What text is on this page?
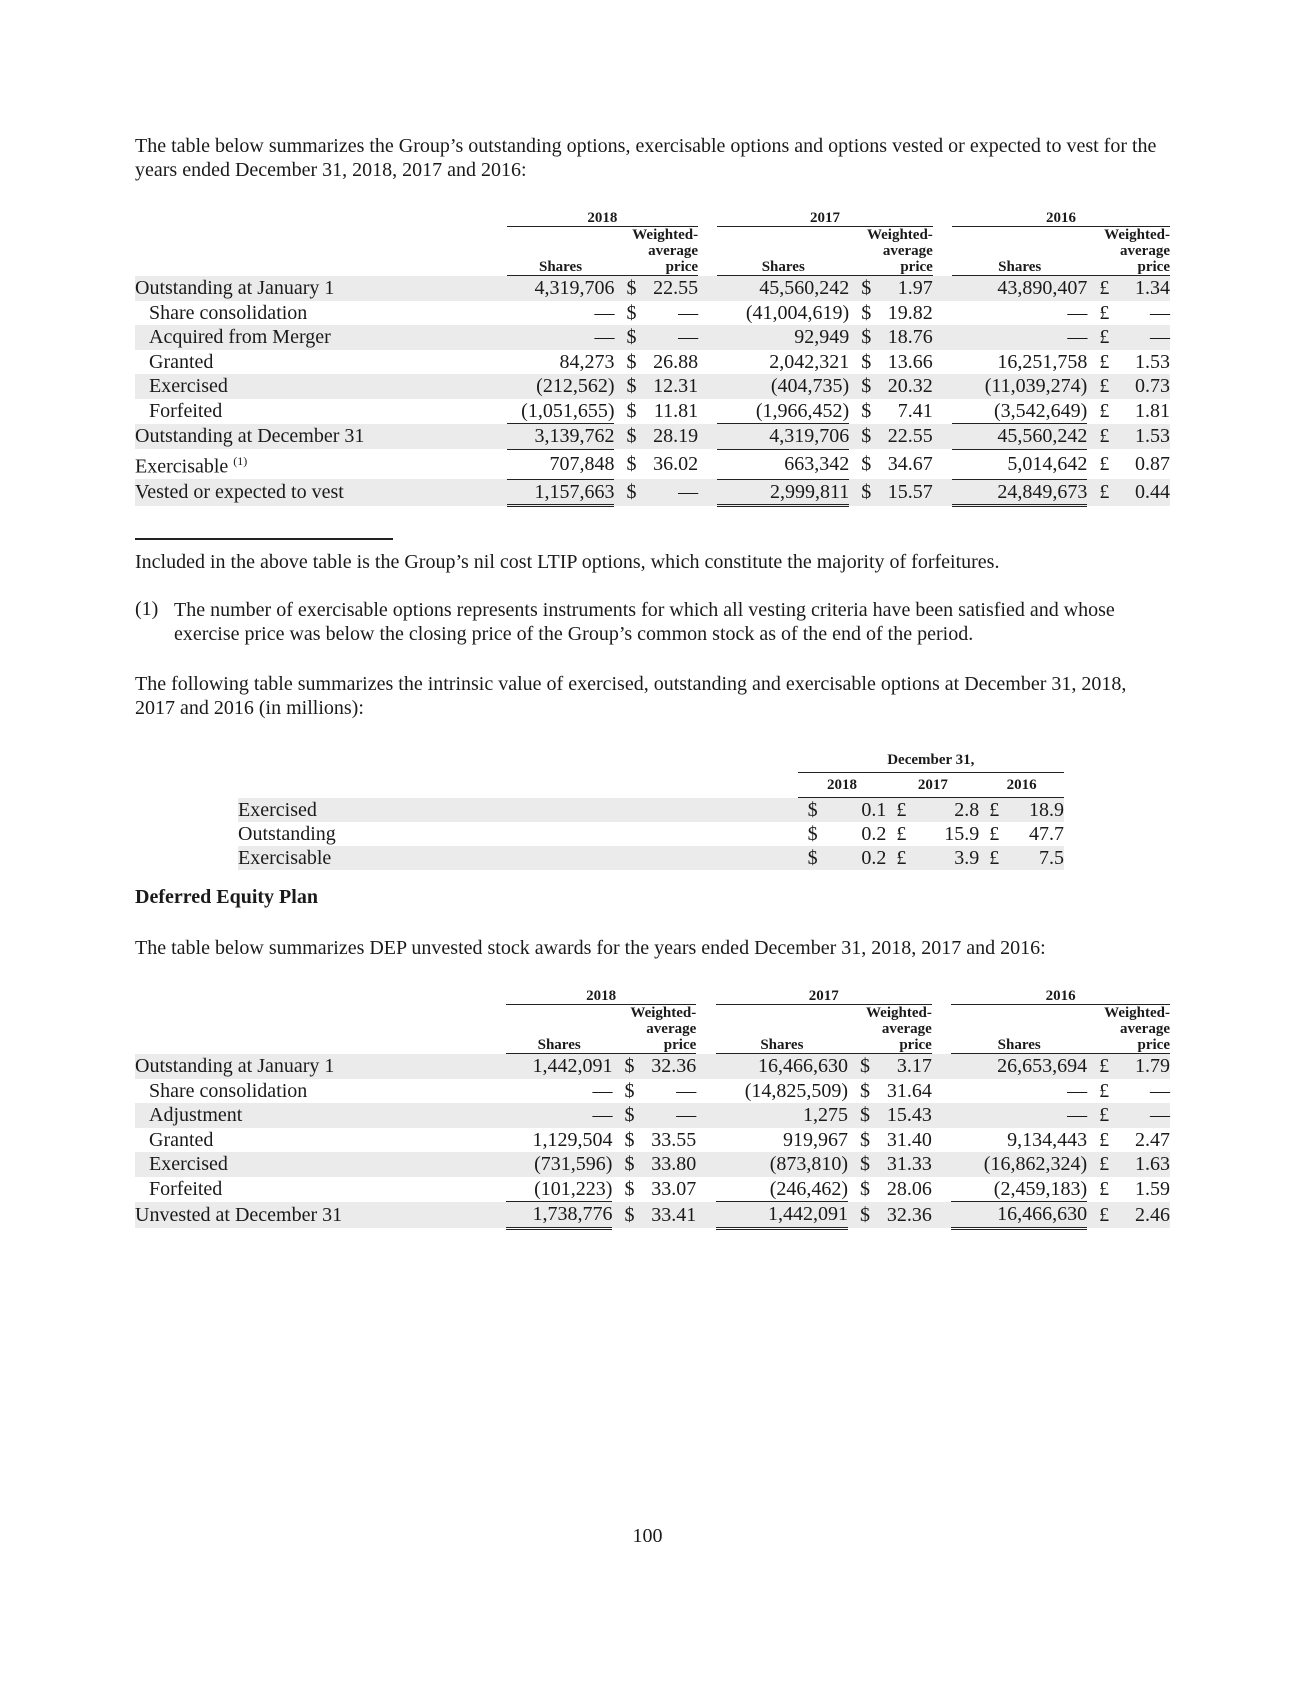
The table below summarizes the Group’s outstanding options, exercisable options and options vested or expected to vest for the years ended December 31, 2018, 2017 and 2016:

	2018				2017				2016		
		Weighted-				Weighted-				Weighted-	
		average				average				average	
	Shares	price			Shares	price			Shares	price	
Outstanding at January 1	4,319,706	$	22.55		45,560,242	$	1.97		43,890,407	£	1.34
Share consolidation	—	$	—		(41,004,619)	$	19.82		—	£	—
Acquired from Merger	—	$	—		92,949	$	18.76		—	£	—
Granted	84,273	$	26.88		2,042,321	$	13.66		16,251,758	£	1.53
Exercised	(212,562)	$	12.31		(404,735)	$	20.32		(11,039,274)	£	0.73
Forfeited	(1,051,655)	$	11.81		(1,966,452)	$	7.41		(3,542,649)	£	1.81
Outstanding at December 31	3,139,762	$	28.19		4,319,706	$	22.55		45,560,242	£	1.53
Exercisable $^{(1)}$	707,848	$	36.02		663,342	$	34.67		5,014,642	£	0.87
Vested or expected to vest	1,157,663	$	—		2,999,811	$	15.57		24,849,673	£	0.44

Included in the above table is the Group’s nil cost LTIP options, which constitute the majority of forfeitures.

(1) The number of exercisable options represents instruments for which all vesting criteria have been satisfied and whose exercise price was below the closing price of the Group’s common stock as of the end of the period.

The following table summarizes the intrinsic value of exercised, outstanding and exercisable options at December 31, 2018, 2017 and 2016 (in millions):

	December 31,					
	2018		2017		2016	
Exercised	$	0.1	£	2.8	£	18.9
Outstanding	$	0.2	£	15.9	£	47.7
Exercisable	$	0.2	£	3.9	£	7.5
Deferred Equity Plan

The table below summarizes DEP unvested stock awards for the years ended December 31, 2018, 2017 and 2016:

	2018				2017				2016		
		Weighted-				Weighted-				Weighted-	
		average				average				average	
	Shares	price			Shares	price			Shares	price	
Outstanding at January 1	1,442,091	$	32.36		16,466,630	$	3.17		26,653,694	£	1.79
Share consolidation	—	$	—		(14,825,509)	$	31.64		—	£	—
Adjustment	—	$	—		1,275	$	15.43		—	£	—
Granted	1,129,504	$	33.55		919,967	$	31.40		9,134,443	£	2.47
Exercised	(731,596)	$	33.80		(873,810)	$	31.33		(16,862,324)	£	1.63
Forfeited	(101,223)	$	33.07		(246,462)	$	28.06		(2,459,183)	£	1.59
Unvested at December 31	1,738,776	$	33.41		1,442,091	$	32.36		16,466,630	£	2.46
100
